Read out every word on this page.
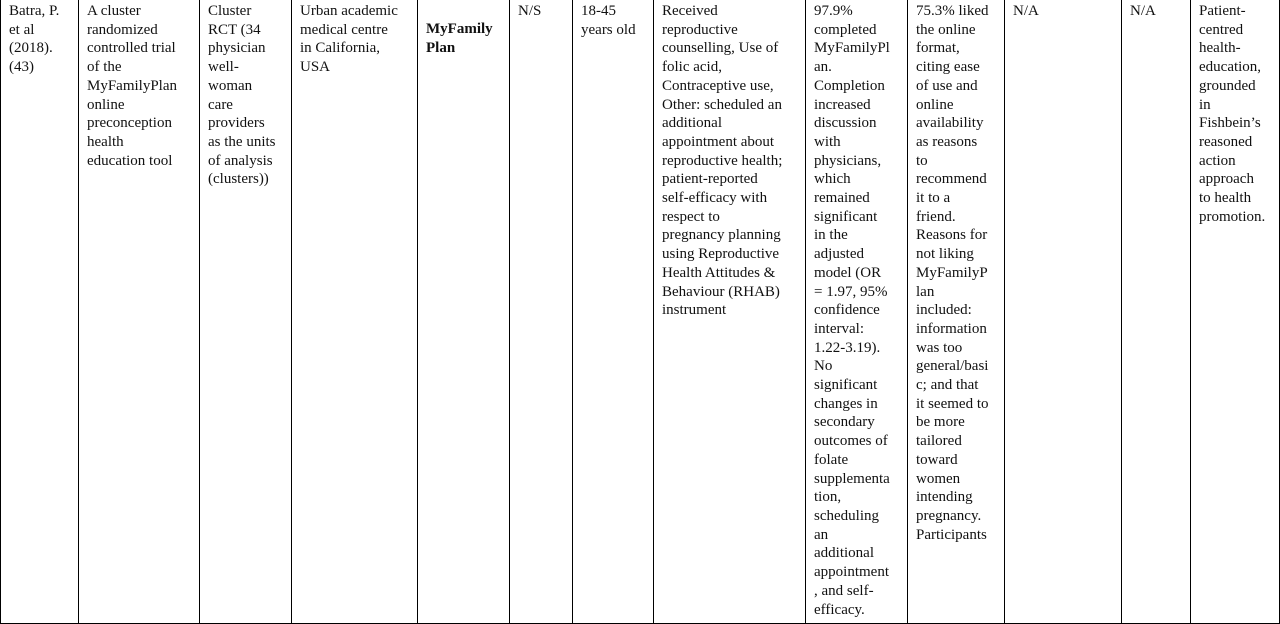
Batra, P.
et al
(2018).
(43)

A cluster
randomized
controlled trial
of the
MyFamilyPlan
online
preconception
health
education tool

Cluster
RCT (34
physician
well-
woman
care
providers
as the units
of analysis
(clusters))

Urban academic
medical centre
in California,
USA

MyFamily
Plan

N/S	18-45
years old

Received
reproductive
counselling, Use of
folic acid,
Contraceptive use,
Other: scheduled an
additional
appointment about
reproductive health;
patient-reported
self-efficacy with
respect to
pregnancy planning
using Reproductive
Health Attitudes &
Behaviour (RHAB)
instrument

97.9%
completed
MyFamilyPl
an.
Completion
increased
discussion
with
physicians,
which
remained
significant
in the
adjusted
model (OR
= 1.97, 95%
confidence
interval:
1.22-3.19).
No
significant
changes in
secondary
outcomes of
folate
supplementa
tion,
scheduling
an
additional
appointment
, and self-
efficacy.

75.3% liked
the online
format,
citing ease
of use and
online
availability
as reasons
to
recommend
it to a
friend.
Reasons for
not liking
MyFamilyP
lan
included:
information
was too
general/basi
c; and that
it seemed to
be more
tailored
toward
women
intending
pregnancy.
Participants

N/A	N/A	Patient-
centred
health-
education,
grounded
in
Fishbein’s
reasoned
action
approach
to health
promotion.
